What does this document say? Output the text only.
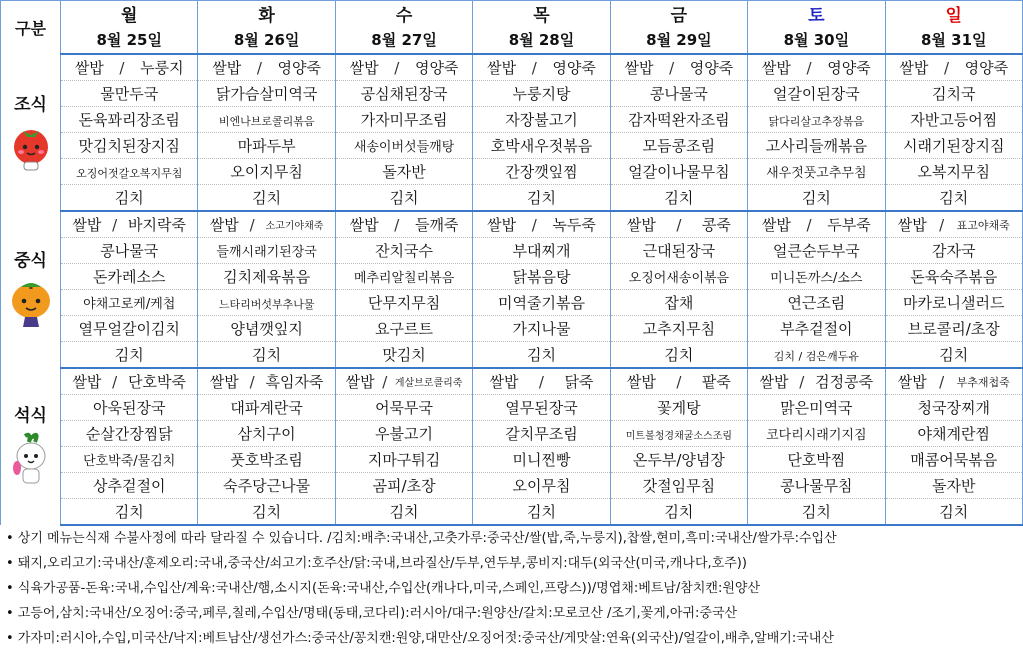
구분	월	화	수	목	금	토	일
	8월 25일	8월 26일	8월 27일	8월 28일	8월 29일	8월 30일	8월 31일

조식	쌀밥 / 누룽지	쌀밥 / 영양죽	쌀밥 / 영양죽	쌀밥 / 영양죽	쌀밥 / 영양죽	쌀밥 / 영양죽	쌀밥 / 영양죽

	물만두국	닭가슴살미역국	공심채된장국	누룽지탕	콩나물국	얼갈이된장국	김치국
	돈육꽈리장조림	비엔나브로콜리볶음	가자미무조림	자장불고기	감자떡완자조림	닭다리살고추장볶음	자반고등어찜
	맛김치된장지짐	마파두부	새송이버섯들깨탕	호박새우젓볶음	모듬콩조림	고사리들깨볶음	시래기된장지짐
	오징어젓갈오복지무침	오이지무침	돌자반	간장깻잎찜	얼갈이나물무침	새우젓풋고추무침	오복지무침
	김치	김치	김치	김치	김치	김치	김치

중식	쌀밥 / 바지락죽	쌀밥 / 소고기야채죽	쌀밥 / 들깨죽	쌀밥 / 녹두죽	쌀밥 / 콩죽	쌀밥 / 두부죽	쌀밥 / 표고야채죽

	콩나물국	들깨시래기된장국	잔치국수	부대찌개	근대된장국	얼큰순두부국	감자국
	돈카레소스	김치제육볶음	메추리알칠리볶음	닭볶음탕	오징어새송이볶음	미니돈까스/소스	돈육숙주볶음
	야채고로케/케첩	느타리버섯부추나물	단무지무침	미역줄기볶음	잡채	연근조림	마카로니샐러드
	열무얼갈이김치	양념깻잎지	요구르트	가지나물	고추지무침	부추겉절이	브로콜리/초장
	김치	김치	맛김치	김치	김치	김치 / 검은깨두유	김치

석식	쌀밥 / 단호박죽	쌀밥 / 흑임자죽	쌀밥 / 게살브로콜리죽	쌀밥 / 닭죽	쌀밥 / 팥죽	쌀밥 / 검정콩죽	쌀밥 / 부추재첩죽

	아욱된장국	대파계란국	어묵무국	열무된장국	꽃게탕	맑은미역국	청국장찌개
	순살간장찜닭	삼치구이	우불고기	갈치무조림	미트볼청경채굴소스조림	코다리시래기지짐	야채계란찜
	단호박죽/물김치	풋호박조림	지마구튀김	미니찐빵	온두부/양념장	단호박찜	매콤어묵볶음
	상추겉절이	숙주당근나물	곰피/초장	오이무침	갓절임무침	콩나물무침	돌자반
	김치	김치	김치	김치	김치	김치	김치
• 상기 메뉴는식재 수불사정에 따라 달라질 수 있습니다. /김치:배추:국내산,고춧가루:중국산/쌀(밥,죽,누룽지),찹쌀,현미,흑미:국내산/쌀가루:수입산
• 돼지,오리고기:국내산/훈제오리:국내,중국산/쇠고기:호주산/닭:국내,브라질산/두부,연두부,콩비지:대두(외국산(미국,캐나다,호주))
• 식육가공품-돈육:국내,수입산/계육:국내산/햄,소시지(돈육:국내산,수입산(캐나다,미국,스페인,프랑스))/명엽채:베트남/참치캔:원양산
• 고등어,삼치:국내산/오징어:중국,페루,칠레,수입산/명태(동태,코다리):러시아/대구:원양산/갈치:모로코산 /조기,꽃게,아귀:중국산
• 가자미:러시아,수입,미국산/낙지:베트남산/생선가스:중국산/꽁치캔:원양,대만산/오징어젓:중국산/게맛살:연육(외국산)/얼갈이,배추,알배기:국내산
